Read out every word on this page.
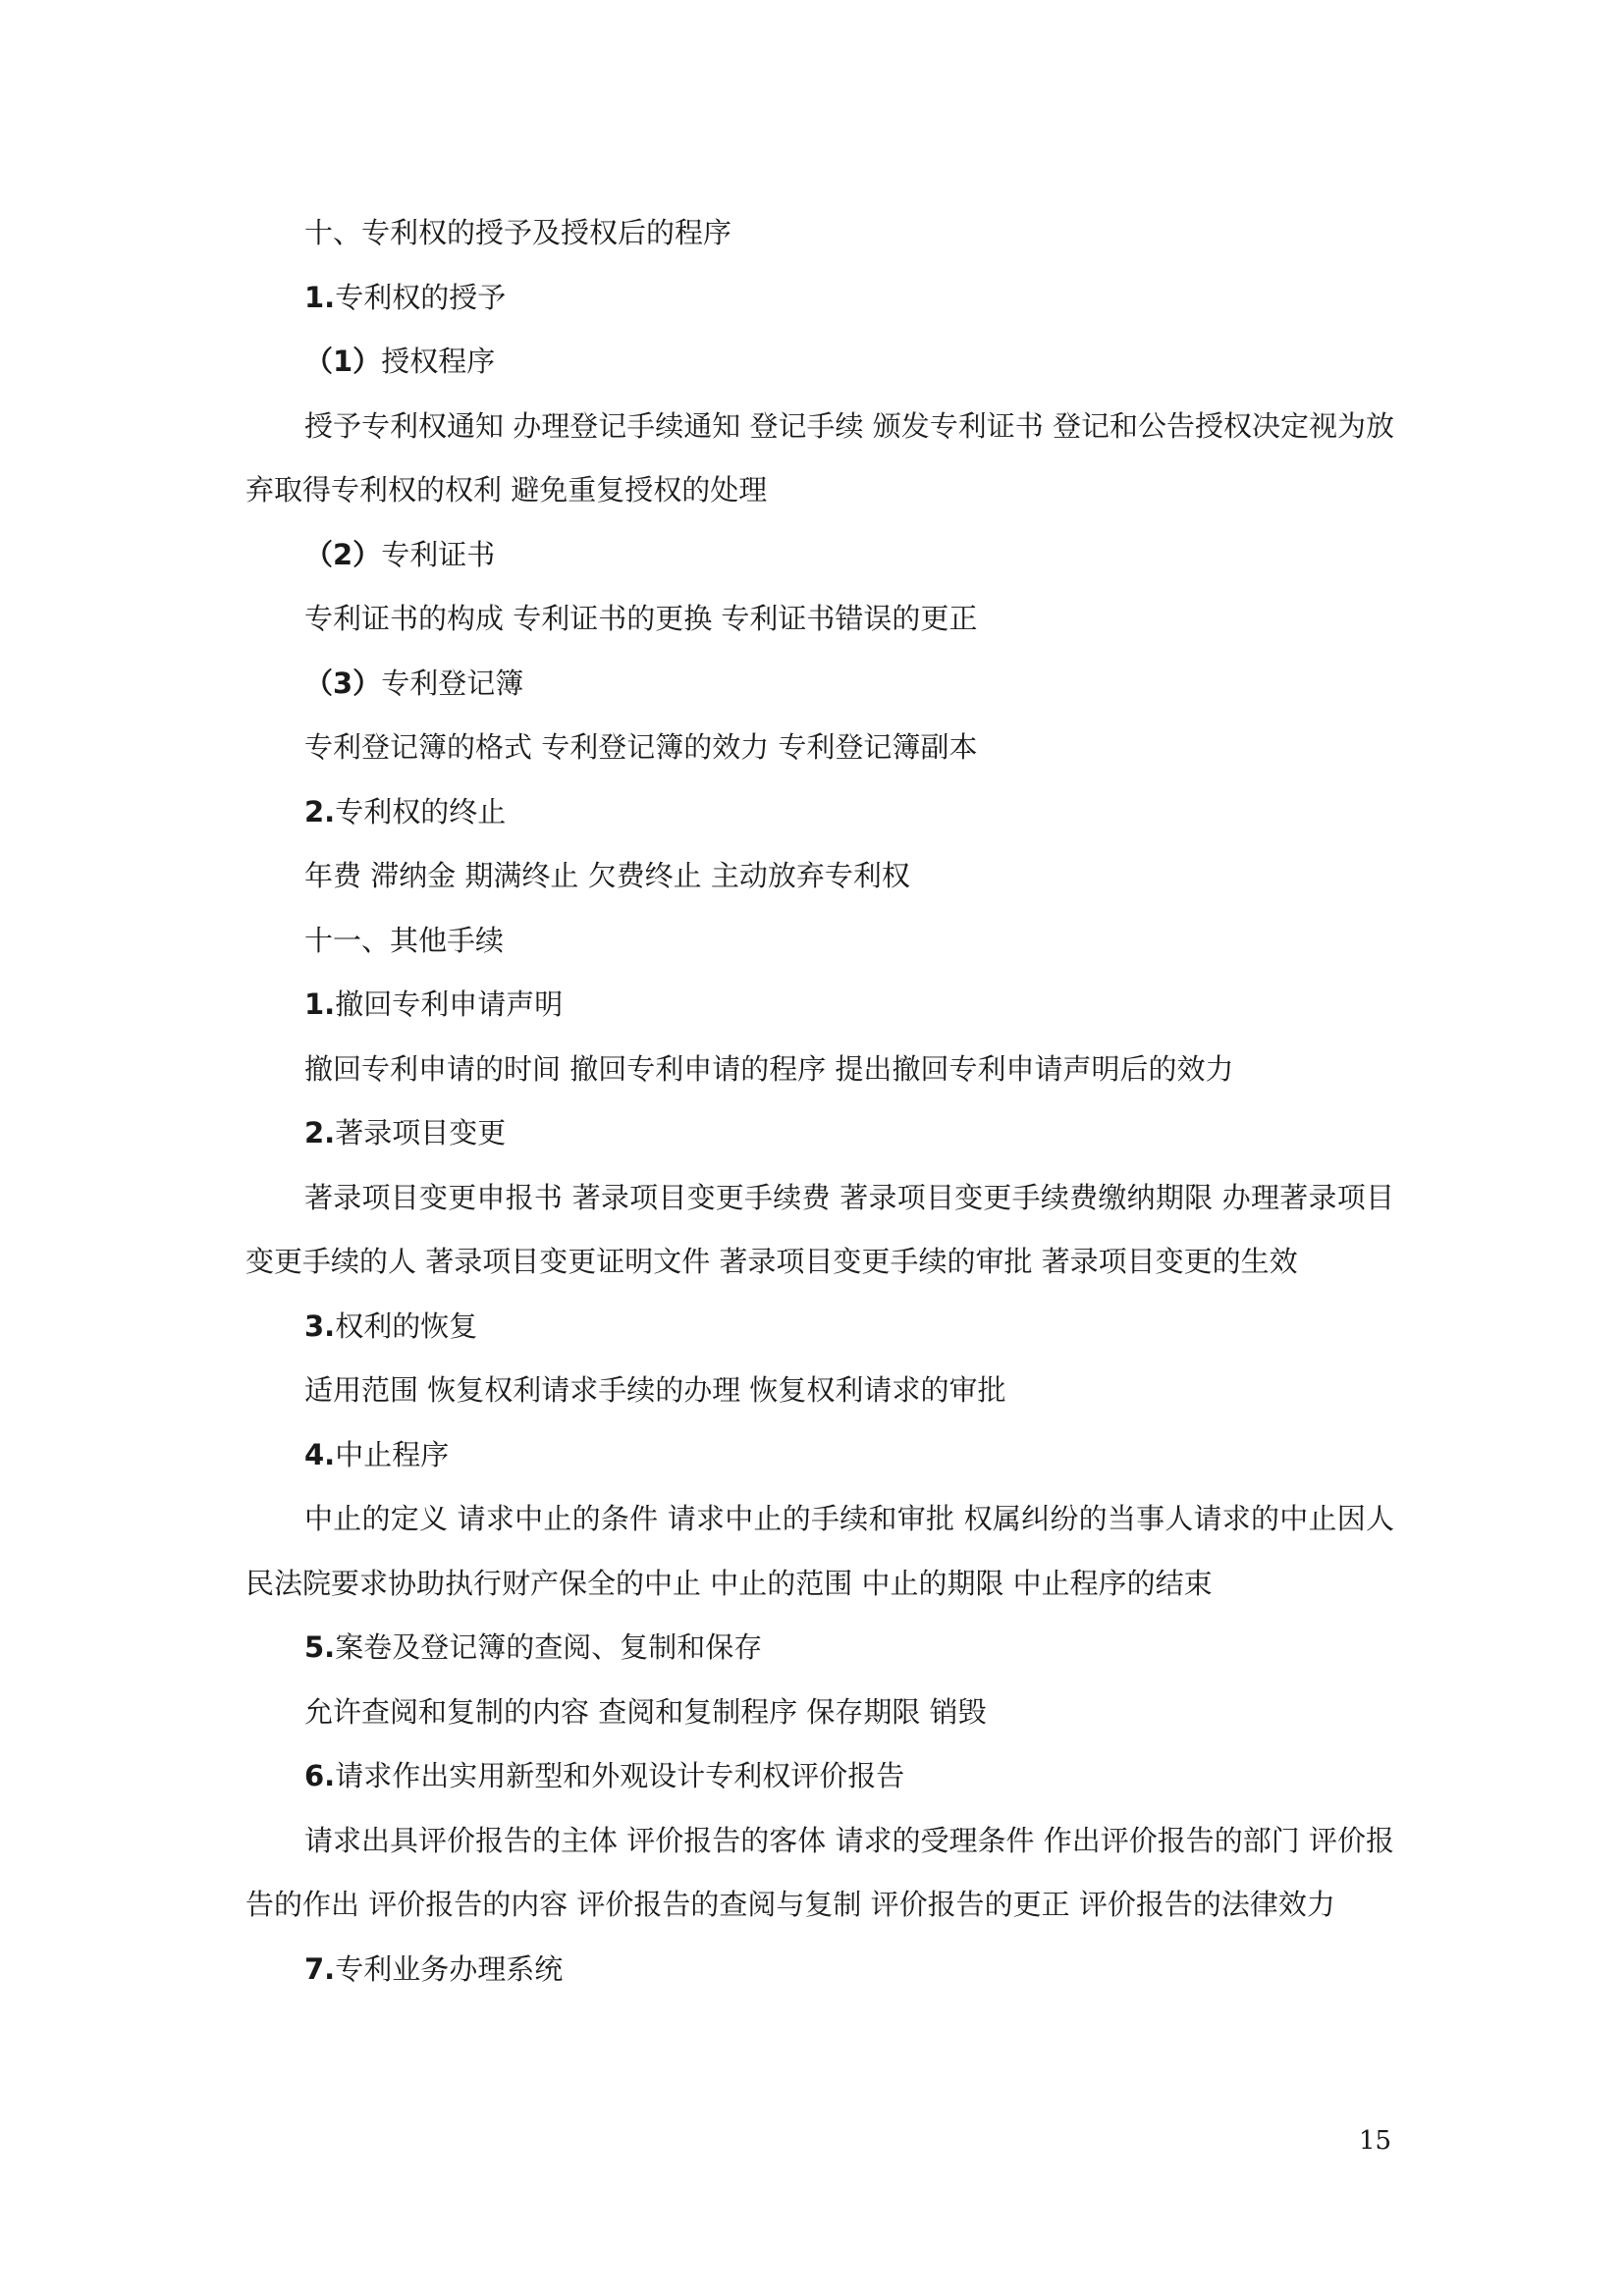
十、专利权的授予及授权后的程序

1.专利权的授予

（1）授权程序

授予专利权通知 办理登记手续通知 登记手续 颁发专利证书 登记和公告授权决定视为放弃取得专利权的权利 避免重复授权的处理

（2）专利证书

专利证书的构成 专利证书的更换 专利证书错误的更正

（3）专利登记簿

专利登记簿的格式 专利登记簿的效力 专利登记簿副本

2.专利权的终止

年费 滞纳金 期满终止 欠费终止 主动放弃专利权

十一、其他手续

1.撤回专利申请声明

撤回专利申请的时间 撤回专利申请的程序 提出撤回专利申请声明后的效力

2.著录项目变更

著录项目变更申报书 著录项目变更手续费 著录项目变更手续费缴纳期限 办理著录项目变更手续的人 著录项目变更证明文件 著录项目变更手续的审批 著录项目变更的生效

3.权利的恢复

适用范围 恢复权利请求手续的办理 恢复权利请求的审批

4.中止程序

中止的定义 请求中止的条件 请求中止的手续和审批 权属纠纷的当事人请求的中止因人民法院要求协助执行财产保全的中止 中止的范围 中止的期限 中止程序的结束

5.案卷及登记簿的查阅、复制和保存

允许查阅和复制的内容 查阅和复制程序 保存期限 销毁

6.请求作出实用新型和外观设计专利权评价报告

请求出具评价报告的主体 评价报告的客体 请求的受理条件 作出评价报告的部门 评价报告的作出 评价报告的内容 评价报告的查阅与复制 评价报告的更正 评价报告的法律效力

7.专利业务办理系统

15
